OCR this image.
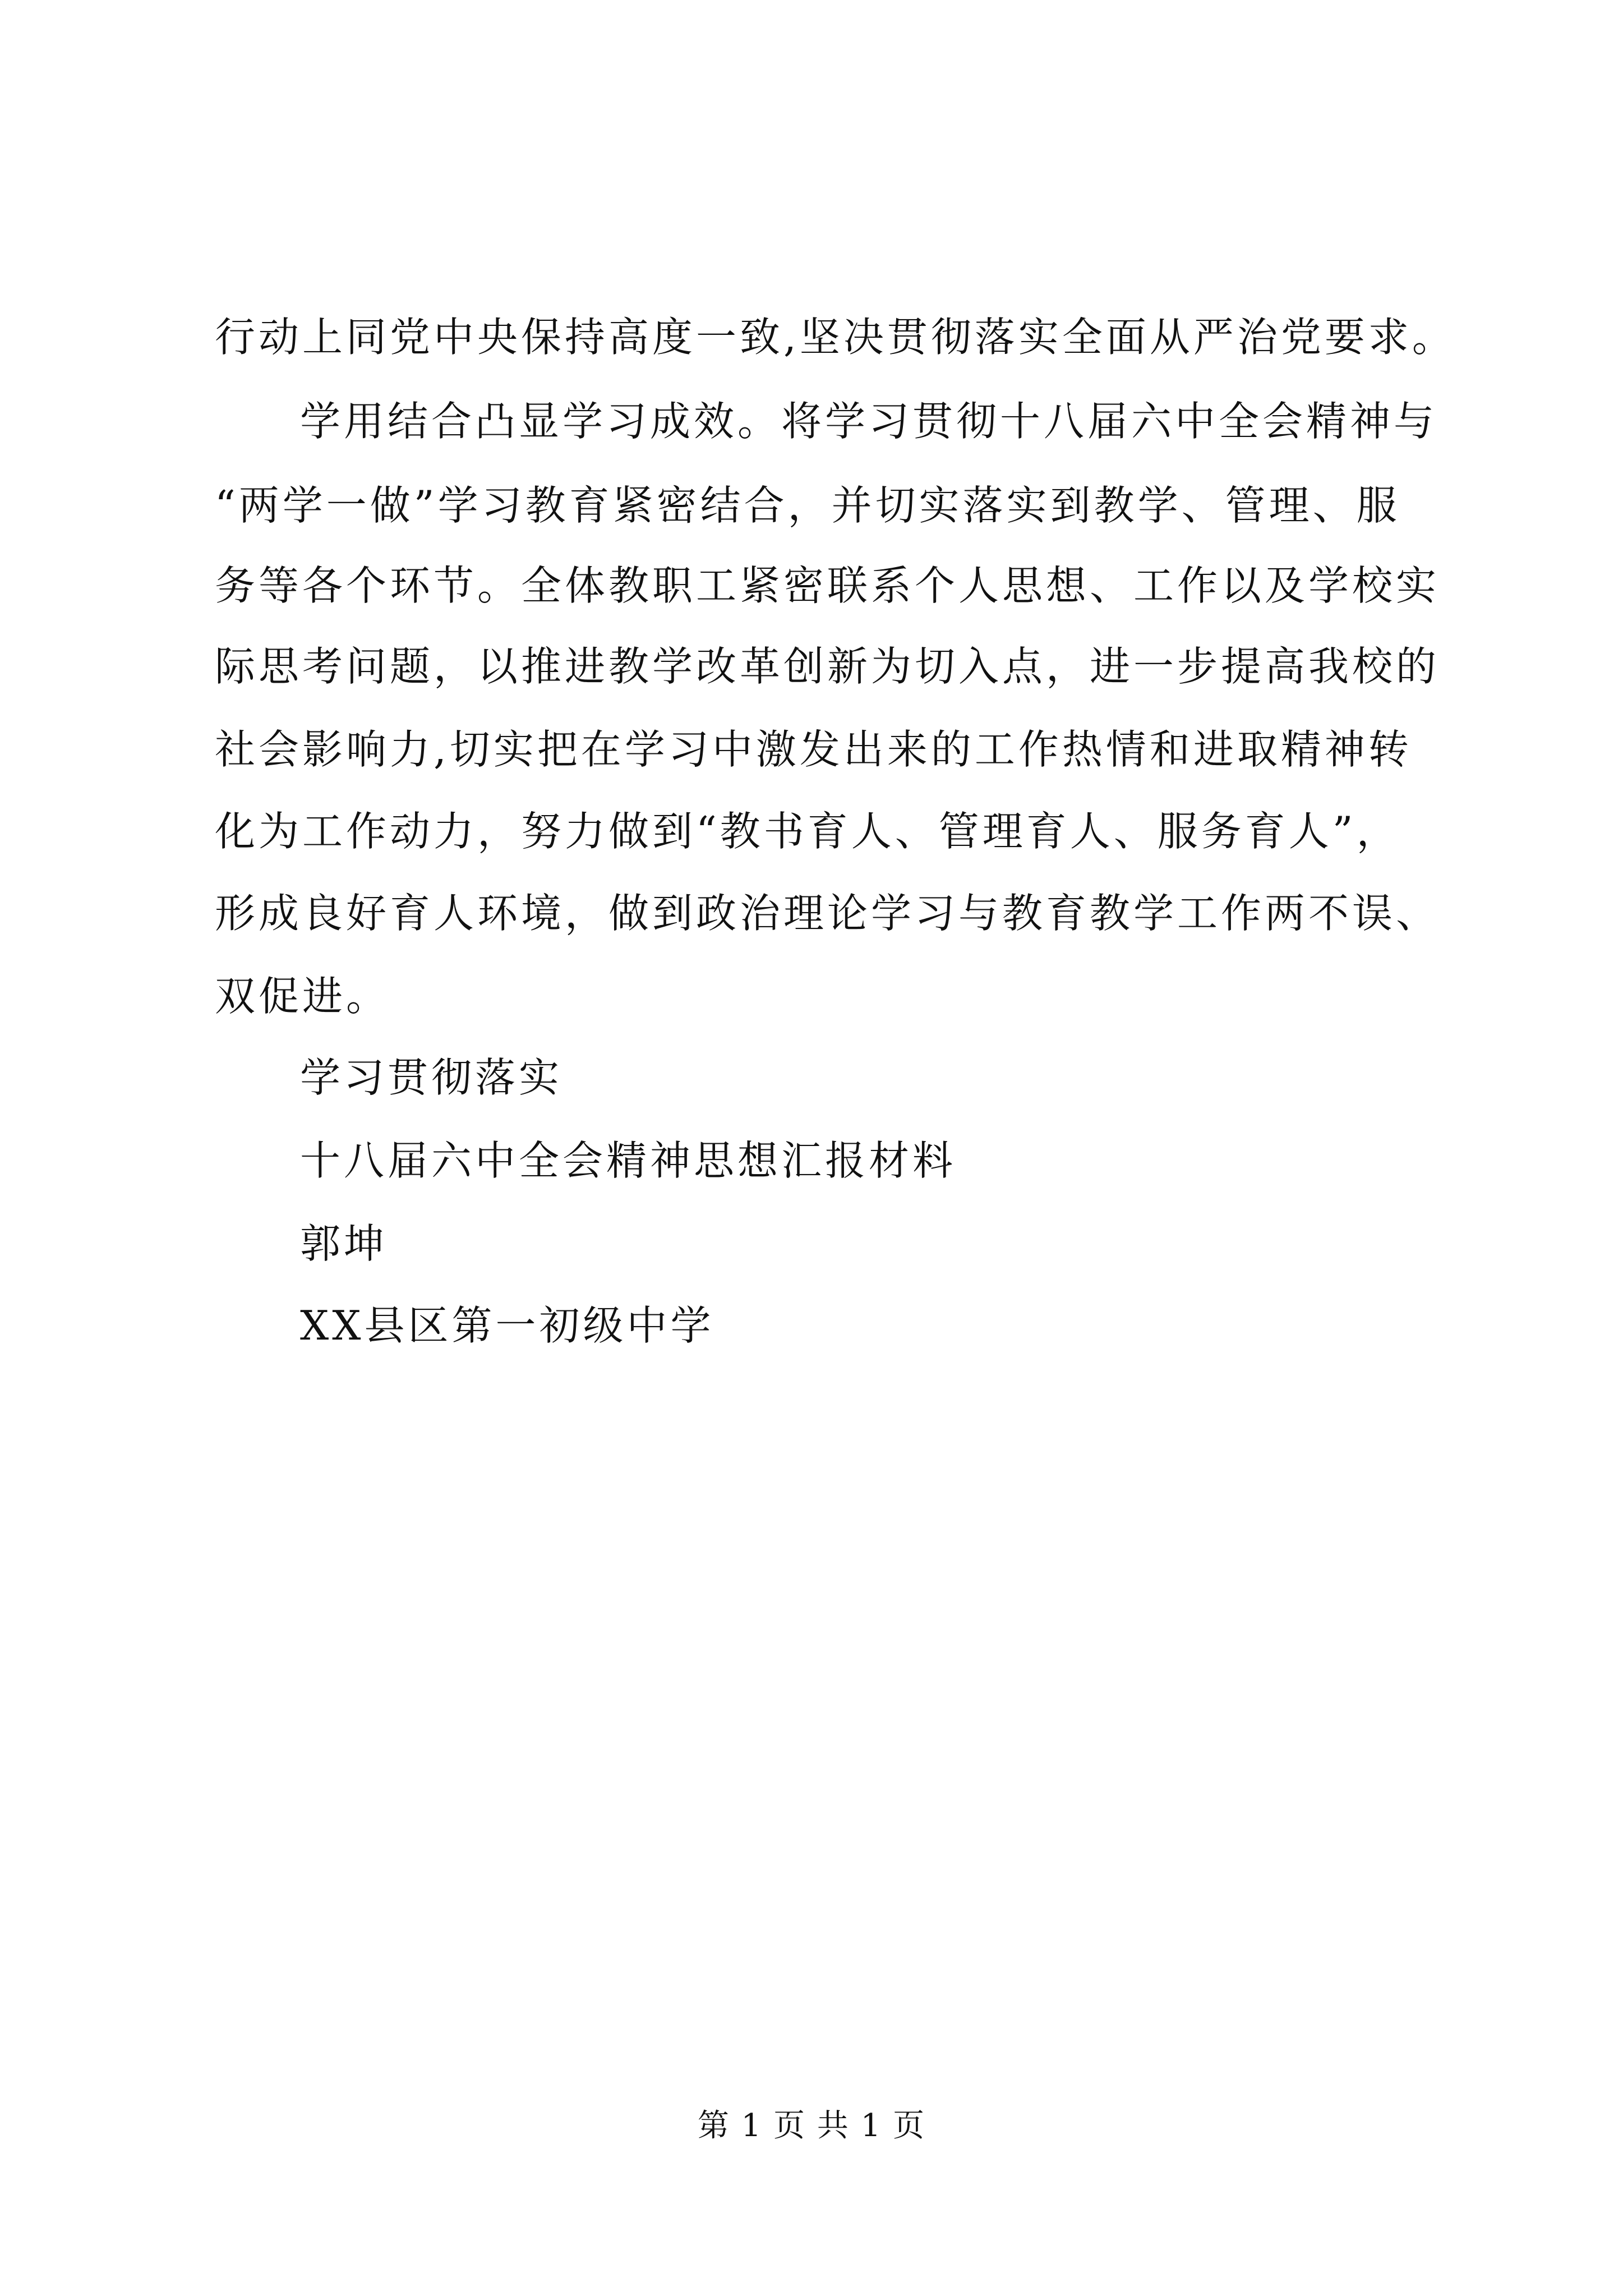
行动上同党中央保持高度一致,坚决贯彻落实全面从严治党要求。
学用结合凸显学习成效。将学习贯彻十八届六中全会精神与
“两学一做”学习教育紧密结合，并切实落实到教学、管理、服
务等各个环节。全体教职工紧密联系个人思想、工作以及学校实
际思考问题，以推进教学改革创新为切入点，进一步提高我校的
社会影响力,切实把在学习中激发出来的工作热情和进取精神转
化为工作动力，努力做到“教书育人、管理育人、服务育人”，
形成良好育人环境，做到政治理论学习与教育教学工作两不误、
双促进。
学习贯彻落实
十八届六中全会精神思想汇报材料
郭坤
XX县区第一初级中学
第 1 页 共 1 页
